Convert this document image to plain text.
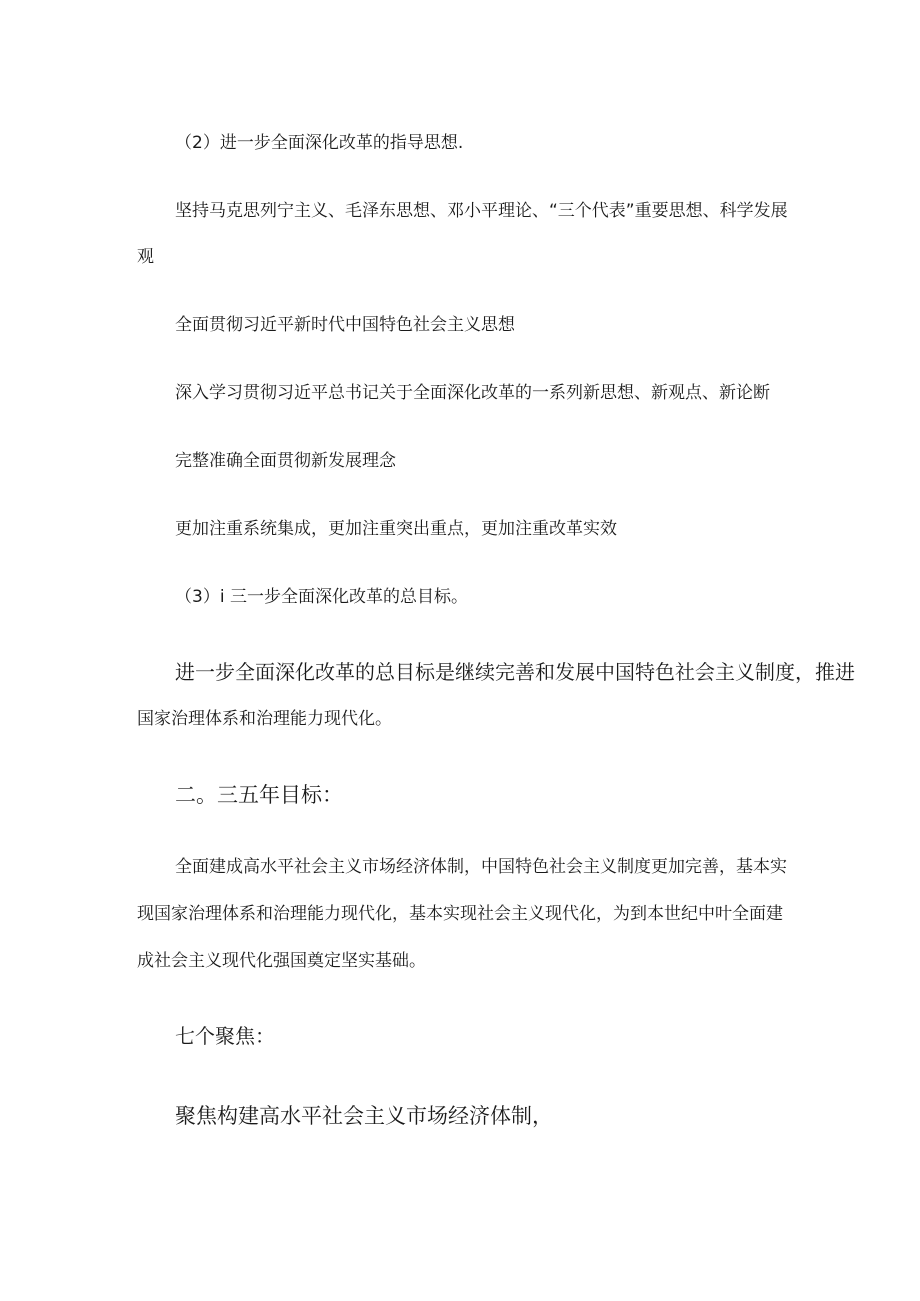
（2）进一步全面深化改革的指导思想.

坚持马克思列宁主义、毛泽东思想、邓小平理论、“三个代表”重要思想、科学发展

观

全面贯彻习近平新时代中国特色社会主义思想

深入学习贯彻习近平总书记关于全面深化改革的一系列新思想、新观点、新论断

完整准确全面贯彻新发展理念

更加注重系统集成，更加注重突出重点，更加注重改革实效

（3）i 三一步全面深化改革的总目标。

进一步全面深化改革的总目标是继续完善和发展中国特色社会主义制度，推进

国家治理体系和治理能力现代化。

二。三五年目标：

全面建成高水平社会主义市场经济体制，中国特色社会主义制度更加完善，基本实

现国家治理体系和治理能力现代化，基本实现社会主义现代化，为到本世纪中叶全面建

成社会主义现代化强国奠定坚实基础。

七个聚焦：

聚焦构建高水平社会主义市场经济体制，
